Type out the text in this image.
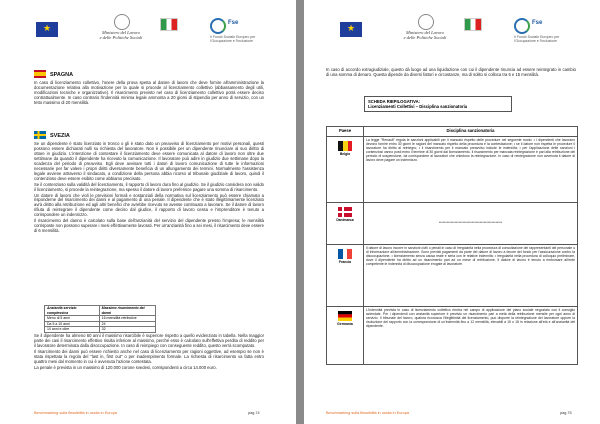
★
Ministero del Lavoro
e delle Politiche Sociali
Fse
Il Fondo Sociale Europeo per l'Occupazione e l'Inclusione
SPAGNA
In caso di licenziamento collettivo, l'onere della prova spetta al datore di lavoro che deve fornire all'amministrazione la documentazione relativa alla motivazione per la quale si procede al licenziamento collettivo (abbassamento degli utili, modificazioni tecniche e organizzative). Il risarcimento previsto nel caso di licenziamento collettivo potrà essere deciso contrattualmente. In caso contrario l'indennità minima legale ammonta a 20 giorni di stipendio per anno di servizio, con un tetto massimo di 20 mensilità.
SVEZIA

Se un dipendente è stato licenziato in tronco o gli è stato dato un preavviso di licenziamento per motivi personali, questi possono essere dichiarati nulli su richiesta del lavoratore. Non è possibile per un dipendente rinunciare al suo diritto di ottare in giudizio. L'intenzione di contestare il licenziamento deve essere comunicata al datore di lavoro non oltre due settimane da quando il dipendente ha ricevuto la comunicazione. Il lavoratore può adire in giudizio due settimane dopo la scadenza del periodo di preavviso. Egli deve avvisare tutti i datori di lavoro comunicazione di tutte le informazioni necessarie per far valere i propri diritti diversamente beneficia di un allungamento dei termini. Normalmente l'assistenza legale avviene attraverso il sindacato, a condizione della persona abbia ricorso al tribunale giudiziale di lavoro, quindi il contenzioso deve essere esibito come abbiamo precisato.

Se il contenzioso sulla validità del licenziamento, il rapporto di lavoro dura fino al giudizio. Se il giudizio considera non valido il licenziamento, si procede la reintegrazione, ma spesso il datore di lavoro preferisce pagare una somma di risarcimento.

Un datore di lavoro che violi le previsioni formali e sostanziali della normativa sul licenziamento può essere chiamato a risponderne del risarcimento dei danni e al pagamento di una penale. Il dipendente che è stato illegittimamente licenziato avrà diritto alla retribuzione ed agli altri benefici che avrebbe ricevuto se avesse continuato a lavorare. Se il datore di lavoro rifiuta di reintegrare il dipendente come deciso dal giudice, il rapporto di lavoro cessa e l'imprenditore è tenuto a corrispondere un indennizzo.

Il risarcimento del danno è calcolato sulla base dell'anzianità del servizio del dipendente presso l'impresa; le mensilità corrisposte non possono superare i mesi effettivamente lavorati. Per un'anzianità fino a sei mesi, il risarcimento deve essere di 6 mensilità.

Anzianità servizio complessiva	Massimo risarcimento dei danni
Meno di 5 anni	16 mensilità retributive
Da 5 a 10 anni	24
10 anni e oltre	32

Se il dipendente ha almeno 60 anni il massimo risarcibile è superiore rispetto a quello evidenziato in tabella. Nella maggior parte dei casi il risarcimento effettivo risulta inferiore al massimo, perché esso è calcolato sull'effettiva perdita di reddito per il lavoratore determinata dalla disoccupazione. In caso di reimpiego con conseguente reddito, questo verrà scomputato.

Il risarcimento dei danni può essere richiesto anche nel caso di licenziamento per ragioni oggettive, ad esempio se non è stata rispettata la regola del "last in, first out" o per inadempimento formale. La richiesta di risarcimento va fatta entro quattro mesi dal momento in cui è avvenuta l'azione contestata.

La penale è prevista in un massimo di 120.000 corone svedesi, corrispondenti a circa 14.000 euro.

Benchmarking sulla flessibilità in uscita in Europa	pag.74
★
Ministero del Lavoro
e delle Politiche Sociali
Fse
Il Fondo Sociale Europeo per l'Occupazione e l'Inclusione
In caso di accordo extragiudiziale, questo dà luogo ad una liquidazione con cui il dipendente rinuncia ad essere reintegrato in cambio di una somma di denaro. Questa dipende da diversi fattori e circostanze, ma di solito si colloca tra 6 e 15 mensilità.
SCHEDA RIEPILOGATIVA:
Licenziamenti Collettivi – Disciplina sanzionatoria
Paese	Disciplina sanzionatoria

Belgio	La legge "Renault" regola le sanzioni applicabili per il mancato rispetto delle procedure nel seguente modo: • i dipendenti che lavorano devono fornire entro 30 giorni le ragioni del mancato rispetto della procedura e la contestazione; • se il datore non rispetta le procedure il lavoratore ha diritto al reintegro; • il risarcimento per il mancato preavviso include le indennità; • per l'applicazione delle sanzioni i contenziosi vanno posti entro il termine di 30 giorni dal licenziamento. Il risarcimento per mancata reintegrazione è pari alla retribuzione del periodo di sospensione, da corrispondere ai lavoratori che chiedono la reintegrazione. In caso di reintegrazione non avvenuta il datore di lavoro deve pagare un indennizzo.

Danimarca	************************************************

Francia	Il datore di lavoro incorre in sanzioni civili o penali in caso di irregolarità nella procedura di consultazione dei rappresentanti del personale o di informazione all'amministrazione. Sono previsti pagamenti da parte del datore di lavoro a favore del fondo per l'assicurazione contro la disoccupazione. • licenziamento senza causa reale e seria con le relative indennità; • irregolarità nella procedura di colloquio preliminare, dove il dipendente ha diritto ad un risarcimento pari ad un mese di retribuzione. Il datore di lavoro è tenuto a rimborsare all'ente competente le indennità di disoccupazione erogate al lavoratore.

Germania	L'indennità prevista in caso di licenziamento collettivo rientra nel campo di applicazione del piano sociale negoziato con il consiglio aziendale. Per i dipendenti con anzianità superiore è previsto un risarcimento pari a metà della retribuzione mensile per ogni anno di servizio. Il tribunale del lavoro, qualora riconosca l'illegittimità del licenziamento, può disporre la reintegrazione del lavoratore oppure la risoluzione del rapporto con la corresponsione di un'indennità fino a 12 mensilità, elevabili a 15 o 18 in relazione all'età e all'anzianità del dipendente.
Benchmarking sulla flessibilità in uscita in Europa	pag.75
